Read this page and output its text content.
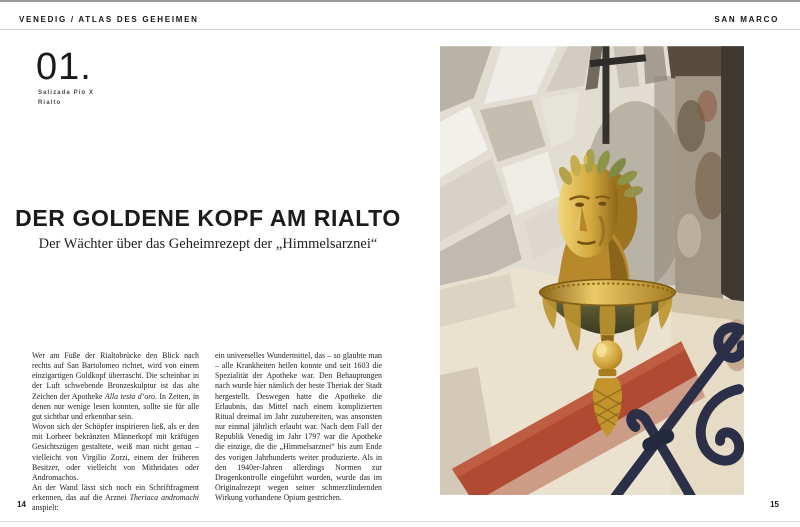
VENEDIG / ATLAS DES GEHEIMEN	SAN MARCO
01.
Salizada Pio X
Rialto
DER GOLDENE KOPF AM RIALTO
Der Wächter über das Geheimrezept der „Himmelsarznei“

Wer am Fuße der Rialtobrücke den Blick nach rechts auf San Bartolomeo richtet, wird von einem einzigartigen Goldkopf überrascht. Die scheinbar in der Luft schwebende Bronzeskulptur ist das alte Zeichen der Apotheke Alla testa d’oro. In Zeiten, in denen nur wenige lesen konnten, sollte sie für alle gut sichtbar und erkennbar sein.

Wovon sich der Schöpfer inspirieren ließ, als er den mit Lorbeer bekränzten Männerkopf mit kräftigen Gesichtszügen gestaltete, weiß man nicht genau – vielleicht von Virgilio Zorzi, einem der früheren Besitzer, oder vielleicht von Mithridates oder Andromachos.

An der Wand lässt sich noch ein Schriftfragment erkennen, das auf die Arznei Theriaca andromachi anspielt:

ein universelles Wundermittel, das – so glaubte man – alle Krankheiten heilen konnte und seit 1603 die Spezialität der Apotheke war. Den Behauptungen nach wurde hier nämlich der beste Theriak der Stadt hergestellt. Deswegen hatte die Apotheke die Erlaubnis, das Mittel nach einem komplizierten Ritual dreimal im Jahr zuzubereiten, was ansonsten nur einmal jährlich erlaubt war. Nach dem Fall der Republik Venedig im Jahr 1797 war die Apotheke die einzige, die die „Himmelsarznei“ bis zum Ende des vorigen Jahrhunderts weiter produzierte. Als in den 1940er-Jahren allerdings Normen zur Drogenkontrolle eingeführt wurden, wurde das im Originalrezept wegen seiner schmerzlindernden Wirkung vorhandene Opium gestrichen.

14	15
